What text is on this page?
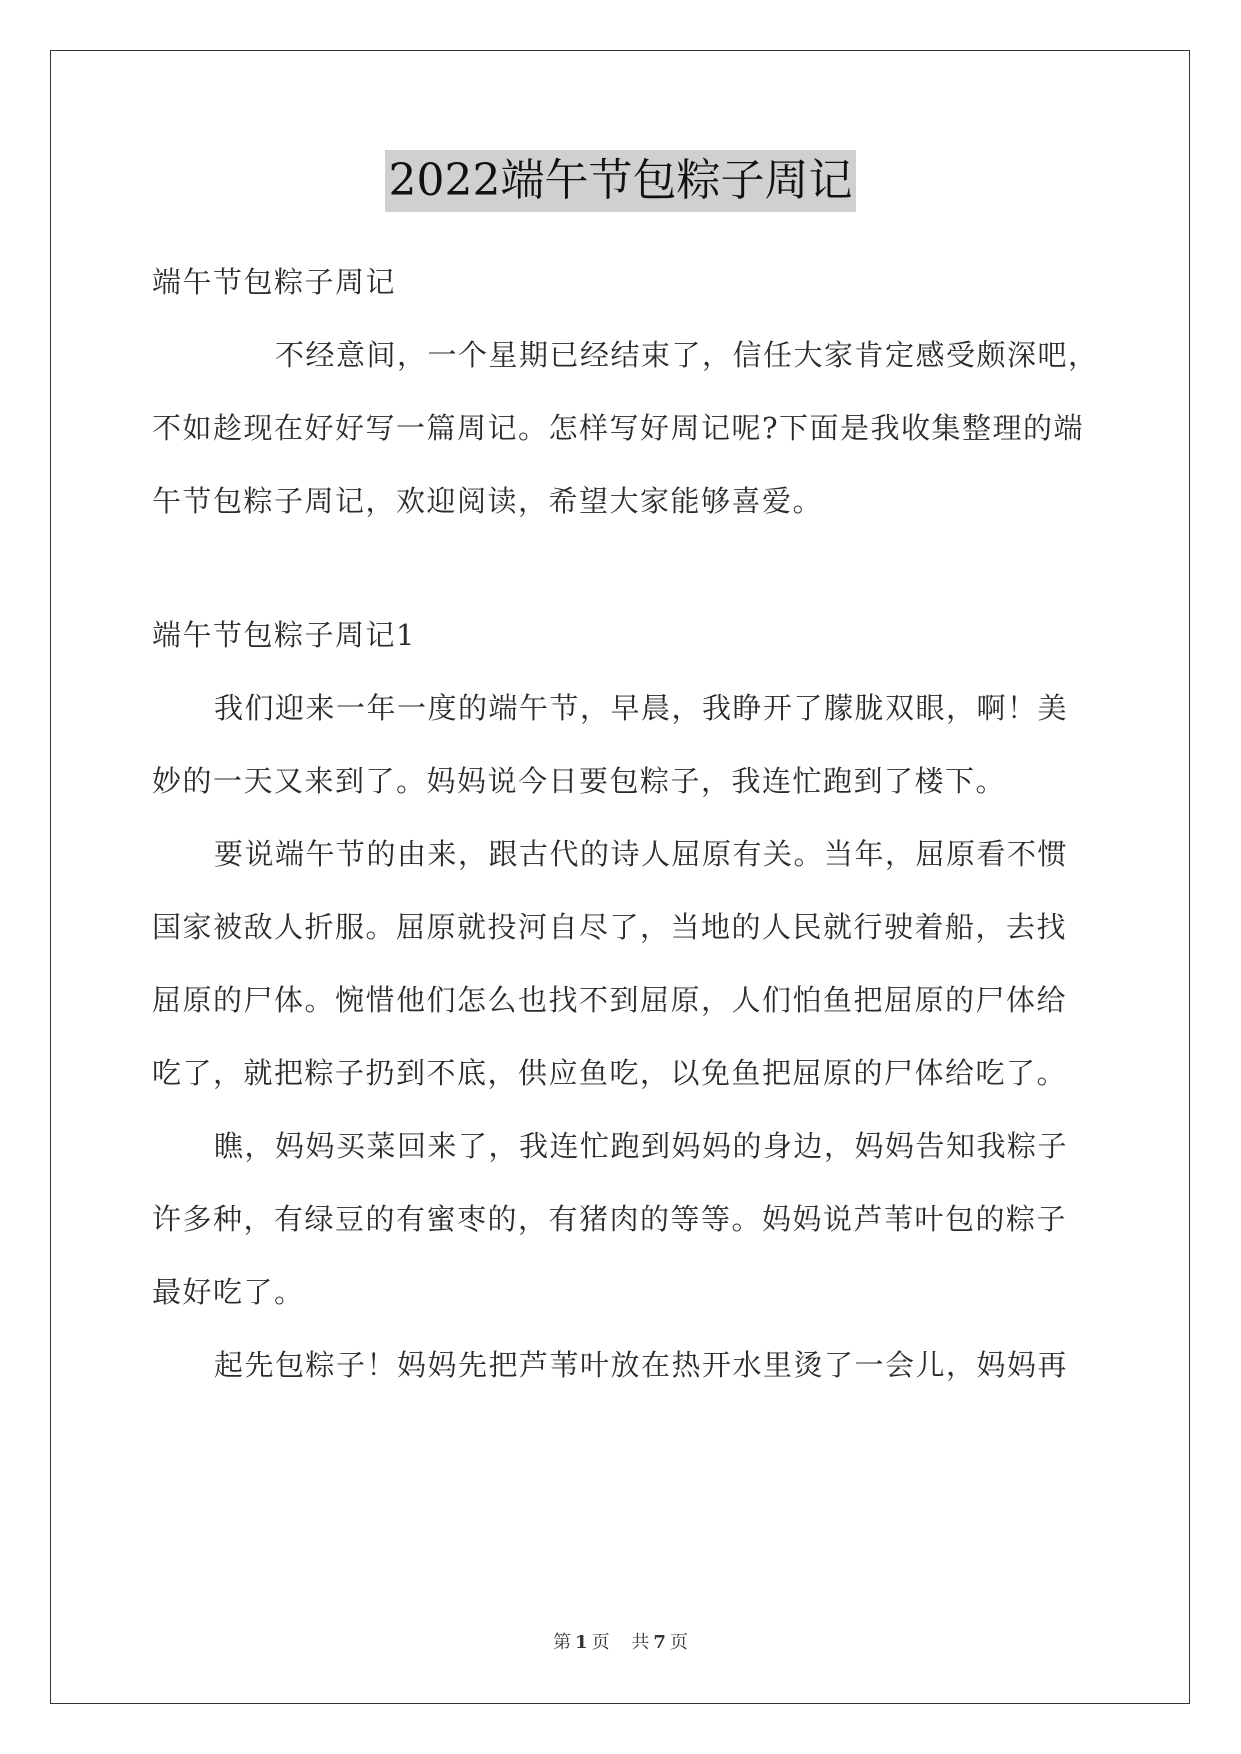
2022端午节包粽子周记
端午节包粽子周记
不经意间，一个星期已经结束了，信任大家肯定感受颇深吧，
不如趁现在好好写一篇周记。怎样写好周记呢?下面是我收集整理的端
午节包粽子周记，欢迎阅读，希望大家能够喜爱。
端午节包粽子周记1
我们迎来一年一度的端午节，早晨，我睁开了朦胧双眼，啊！美
妙的一天又来到了。妈妈说今日要包粽子，我连忙跑到了楼下。
要说端午节的由来，跟古代的诗人屈原有关。当年，屈原看不惯
国家被敌人折服。屈原就投河自尽了，当地的人民就行驶着船，去找
屈原的尸体。惋惜他们怎么也找不到屈原，人们怕鱼把屈原的尸体给
吃了，就把粽子扔到不底，供应鱼吃，以免鱼把屈原的尸体给吃了。
瞧，妈妈买菜回来了，我连忙跑到妈妈的身边，妈妈告知我粽子
许多种，有绿豆的有蜜枣的，有猪肉的等等。妈妈说芦苇叶包的粽子
最好吃了。
起先包粽子！妈妈先把芦苇叶放在热开水里烫了一会儿，妈妈再
第 1 页 共 7 页
